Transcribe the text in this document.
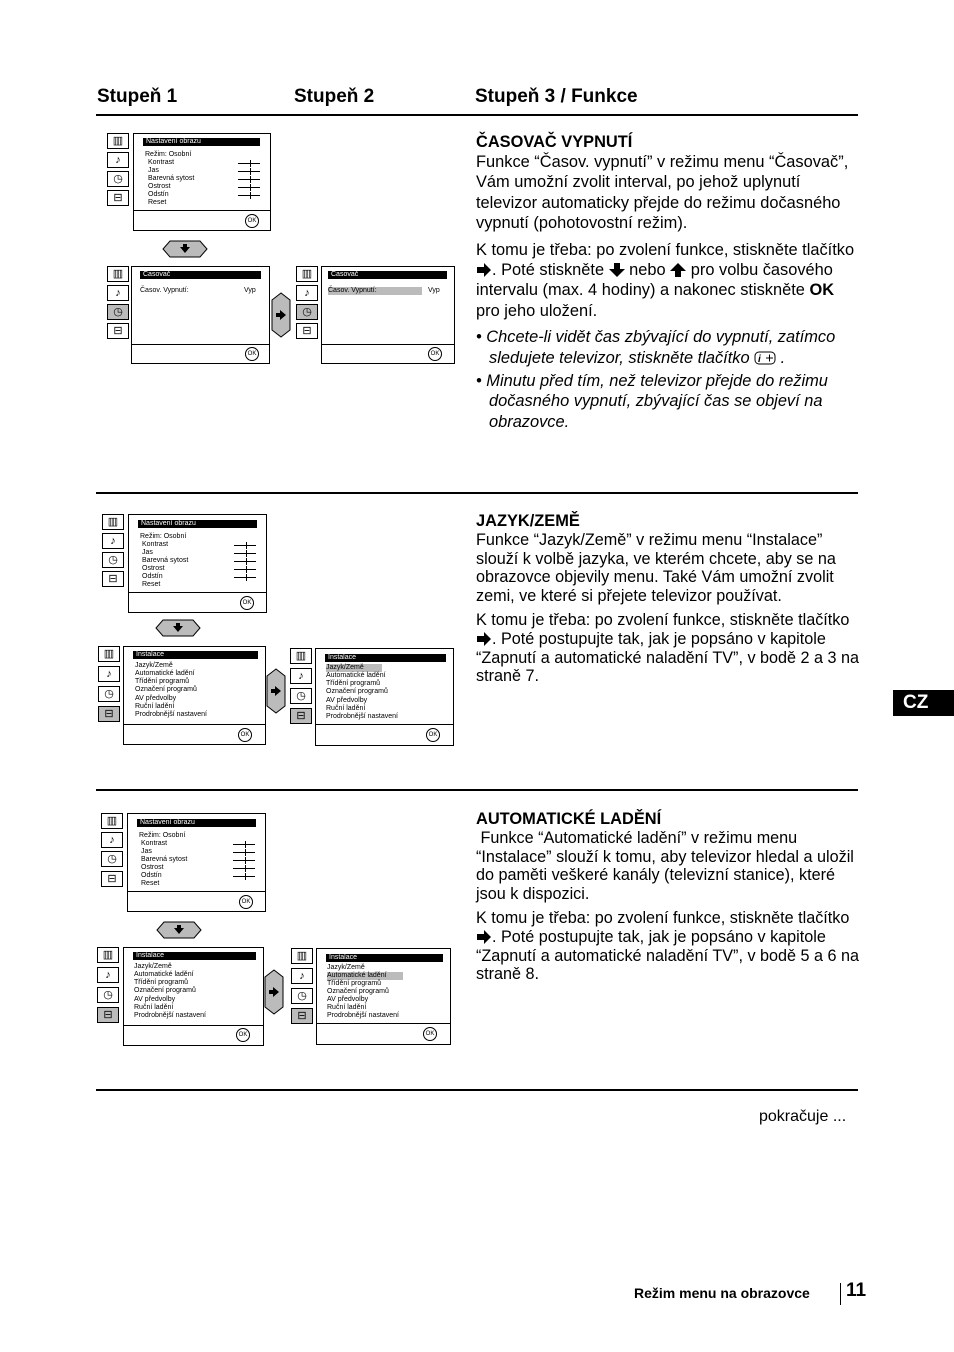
Stupeň 1	Stupeň 2	Stupeň 3 / Funkce
▥
♪
◷
⊟
Nastavení obrazu
Režim: Osobní
Kontrast
Jas
Barevná sytost
Ostrost
Odstín
Reset
OK
▥
♪
◷
⊟
Časovač
Časov. Vypnutí:	Vyp
OK
▥
♪
◷
⊟
Časovač
Časov. Vypnutí:	Vyp
OK
ČASOVAČ VYPNUTÍ

Funkce “Časov. vypnutí” v režimu menu “Časovač”, Vám umožní zvolit interval, po jehož uplynutí televizor automaticky přejde do režimu dočasného vypnutí (pohotovostní režim).

K tomu je třeba: po zvolení funkce, stiskněte tlačítko . Poté stiskněte  nebo  pro volbu časového intervalu (max. 4 hodiny) a nakonec stiskněte OK pro jeho uložení.

• Chcete-li vidět čas zbývající do vypnutí, zatímco sledujete televizor, stiskněte tlačítko i .

• Minutu před tím, než televizor přejde do režimu dočasného vypnutí, zbývající čas se objeví na obrazovce.

▥
♪
◷
⊟
Nastavení obrazu
Režim: Osobní
Kontrast
Jas
Barevná sytost
Ostrost
Odstín
Reset
OK
▥
♪
◷
⊟
Instalace
Jazyk/Země
Automatické ladění
Třídění programů
Označení programů
AV předvolby
Ruční ladění
Prodrobnější nastavení
OK
▥
♪
◷
⊟
Instalace
Jazyk/Země
Automatické ladění
Třídění programů
Označení programů
AV předvolby
Ruční ladění
Prodrobnější nastavení
OK
JAZYK/ZEMĚ

Funkce “Jazyk/Země” v režimu menu “Instalace” slouží k volbě jazyka, ve kterém chcete, aby se na obrazovce objevily menu. Také Vám umožní zvolit zemi, ve které si přejete televizor používat.

K tomu je třeba: po zvolení funkce, stiskněte tlačítko . Poté postupujte tak, jak je popsáno v kapitole “Zapnutí a automatické naladění TV”, v bodě 2 a 3 na straně 7.

CZ
▥
♪
◷
⊟
Nastavení obrazu
Režim: Osobní
Kontrast
Jas
Barevná sytost
Ostrost
Odstín
Reset
OK
▥
♪
◷
⊟
Instalace
Jazyk/Země
Automatické ladění
Třídění programů
Označení programů
AV předvolby
Ruční ladění
Prodrobnější nastavení
OK
▥
♪
◷
⊟
Instalace
Jazyk/Země
Automatické ladění
Třídění programů
Označení programů
AV předvolby
Ruční ladění
Prodrobnější nastavení
OK
AUTOMATICKÉ LADĚNÍ

Funkce “Automatické ladění” v režimu menu “Instalace” slouží k tomu, aby televizor hledal a uložil do paměti veškeré kanály (televizní stanice), které jsou k dispozici.

K tomu je třeba: po zvolení funkce, stiskněte tlačítko . Poté postupujte tak, jak je popsáno v kapitole “Zapnutí a automatické naladění TV”, v bodě 5 a 6 na straně 8.

pokračuje ...
Režim menu na obrazovce 11
